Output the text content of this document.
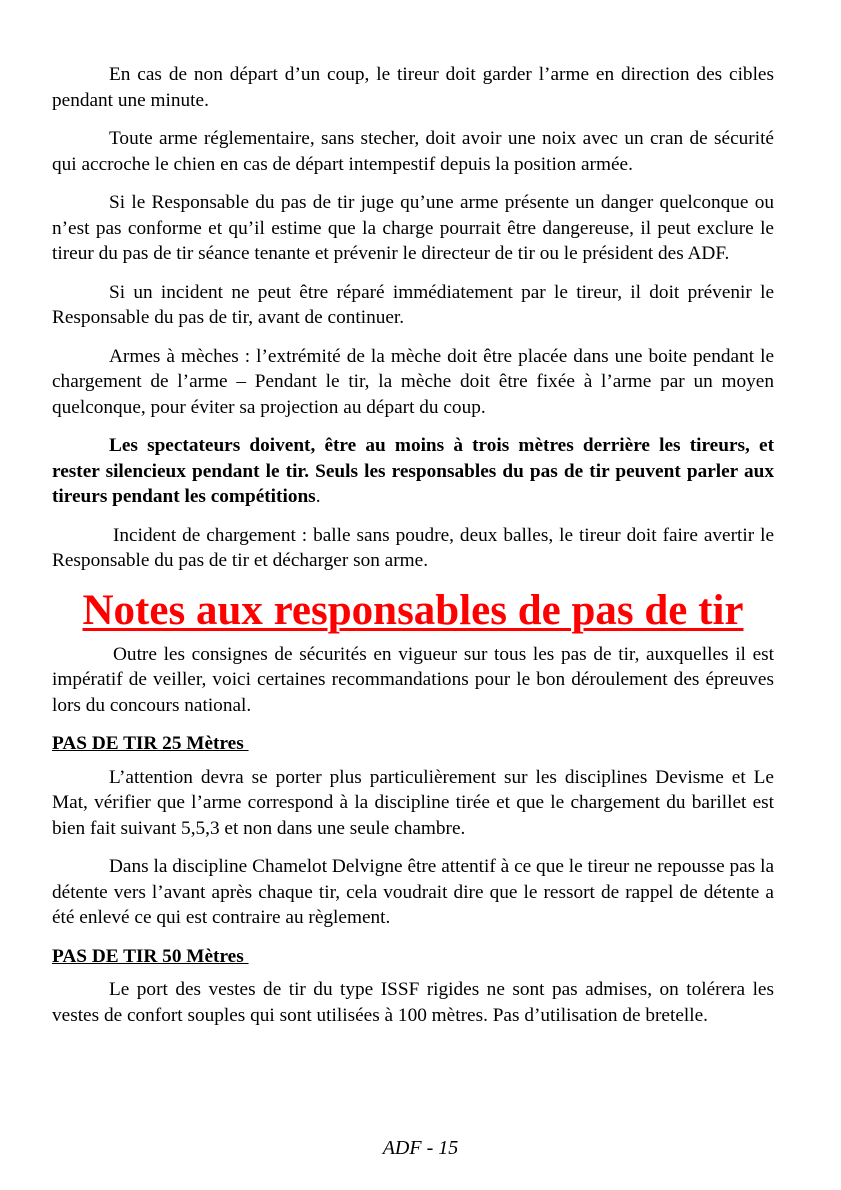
En cas de non départ d’un coup, le tireur doit garder l’arme en direction des cibles pendant une minute.

Toute arme réglementaire, sans stecher, doit avoir une noix avec un cran de sécurité qui accroche le chien en cas de départ intempestif depuis la position armée.

Si le Responsable du pas de tir juge qu’une arme présente un danger quelconque ou n’est pas conforme et qu’il estime que la charge pourrait être dangereuse, il peut exclure le tireur du pas de tir séance tenante et prévenir le directeur de tir ou le président des ADF.

Si un incident ne peut être réparé immédiatement par le tireur, il doit prévenir le Responsable du pas de tir, avant de continuer.

Armes à mèches : l’extrémité de la mèche doit être placée dans une boite pendant le chargement de l’arme – Pendant le tir, la mèche doit être fixée à l’arme par un moyen quelconque, pour éviter sa projection au départ du coup.

Les spectateurs doivent, être au moins à trois mètres derrière les tireurs, et rester silencieux pendant le tir. Seuls les responsables du pas de tir peuvent parler aux tireurs pendant les compétitions.

Incident de chargement : balle sans poudre, deux balles, le tireur doit faire avertir le Responsable du pas de tir et décharger son arme.

Notes aux responsables de pas de tir

Outre les consignes de sécurités en vigueur sur tous les pas de tir, auxquelles il est impératif de veiller, voici certaines recommandations pour le bon déroulement des épreuves lors du concours national.

PAS DE TIR 25 Mètres

L’attention devra se porter plus particulièrement sur les disciplines Devisme et Le Mat, vérifier que l’arme correspond à la discipline tirée et que le chargement du barillet est bien fait suivant 5,5,3 et non dans une seule chambre.

Dans la discipline Chamelot Delvigne être attentif à ce que le tireur ne repousse pas la détente vers l’avant après chaque tir, cela voudrait dire que le ressort de rappel de détente a été enlevé ce qui est contraire au règlement.

PAS DE TIR 50 Mètres

Le port des vestes de tir du type ISSF rigides ne sont pas admises, on tolérera les vestes de confort souples qui sont utilisées à 100 mètres. Pas d’utilisation de bretelle.

ADF - 15
